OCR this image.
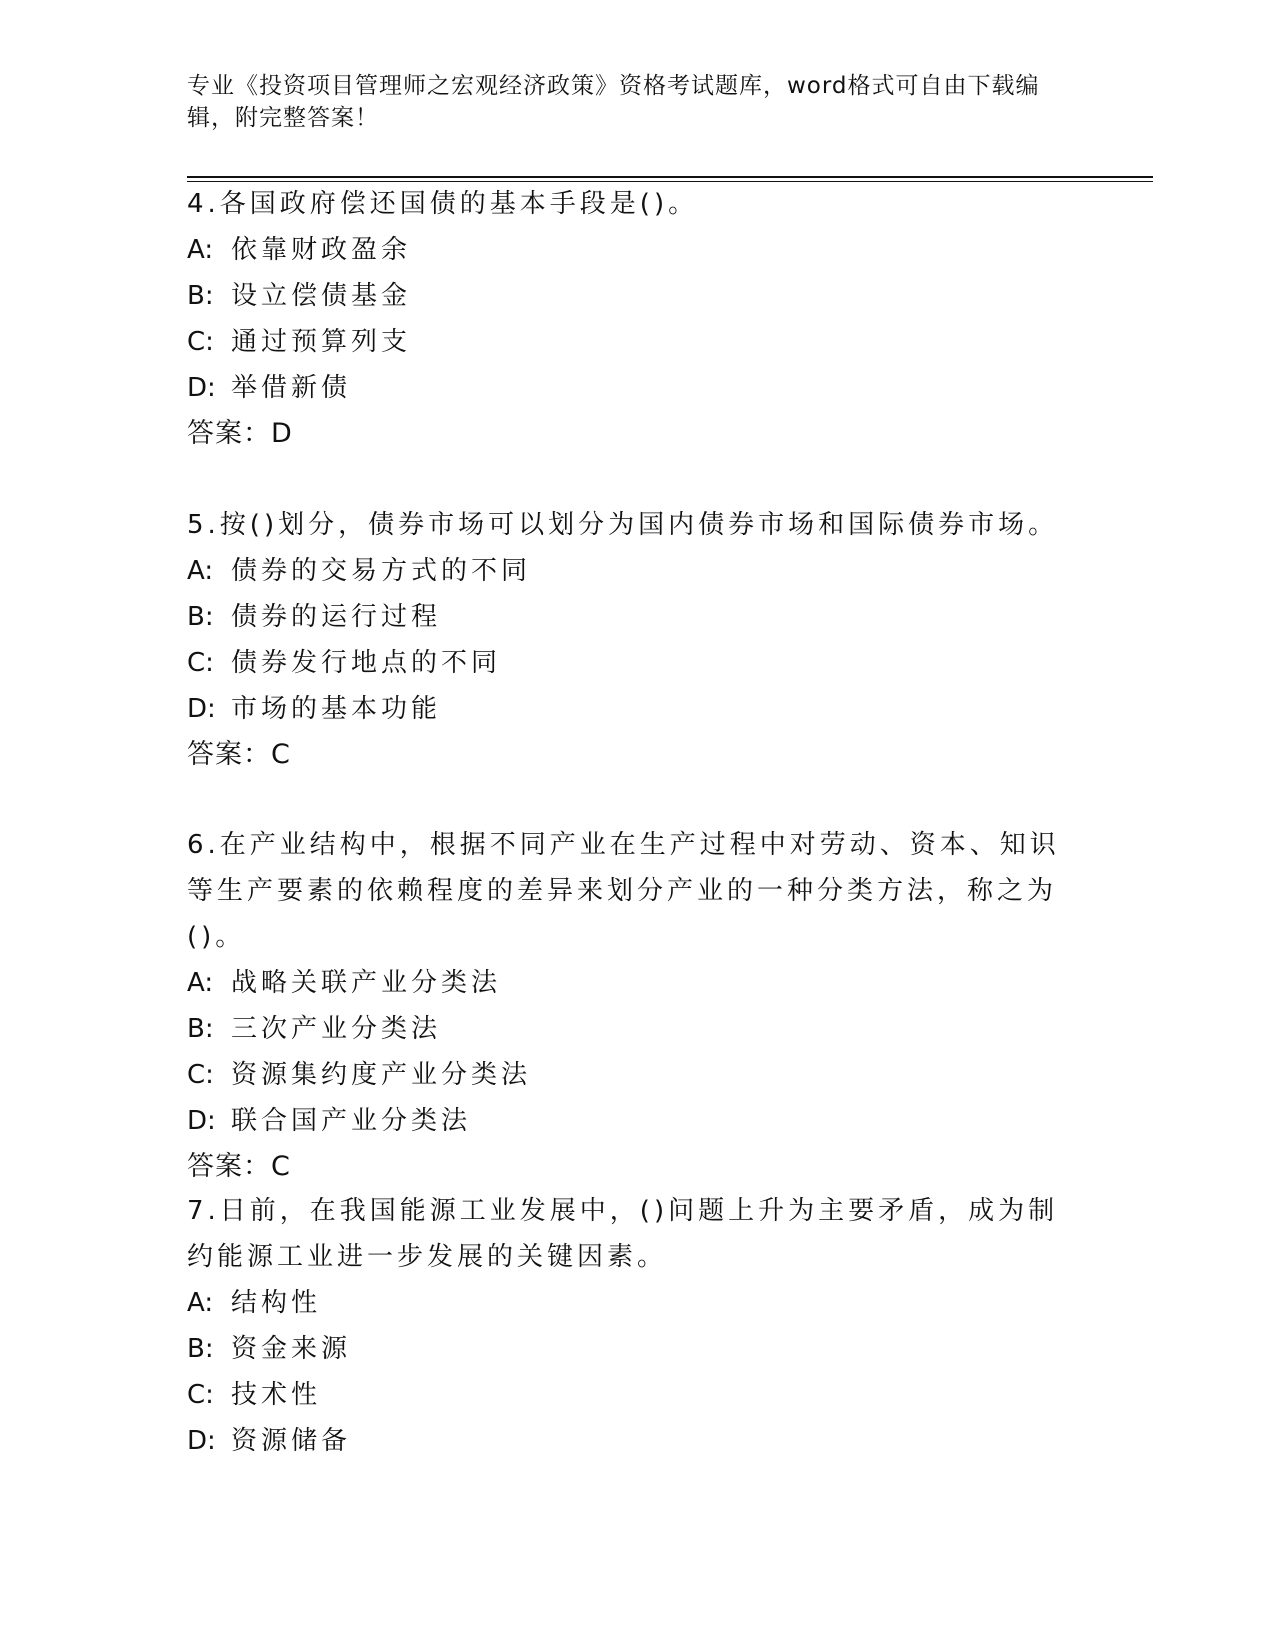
专业《投资项目管理师之宏观经济政策》资格考试题库，word格式可自由下载编辑，附完整答案！
4.各国政府偿还国债的基本手段是()。
A: 依靠财政盈余
B: 设立偿债基金
C: 通过预算列支
D: 举借新债
答案：D
5.按()划分，债券市场可以划分为国内债券市场和国际债券市场。
A: 债券的交易方式的不同
B: 债券的运行过程
C: 债券发行地点的不同
D: 市场的基本功能
答案：C
6.在产业结构中，根据不同产业在生产过程中对劳动、资本、知识等生产要素的依赖程度的差异来划分产业的一种分类方法，称之为()。
A: 战略关联产业分类法
B: 三次产业分类法
C: 资源集约度产业分类法
D: 联合国产业分类法
答案：C
7.日前，在我国能源工业发展中，()问题上升为主要矛盾，成为制约能源工业进一步发展的关键因素。
A: 结构性
B: 资金来源
C: 技术性
D: 资源储备
